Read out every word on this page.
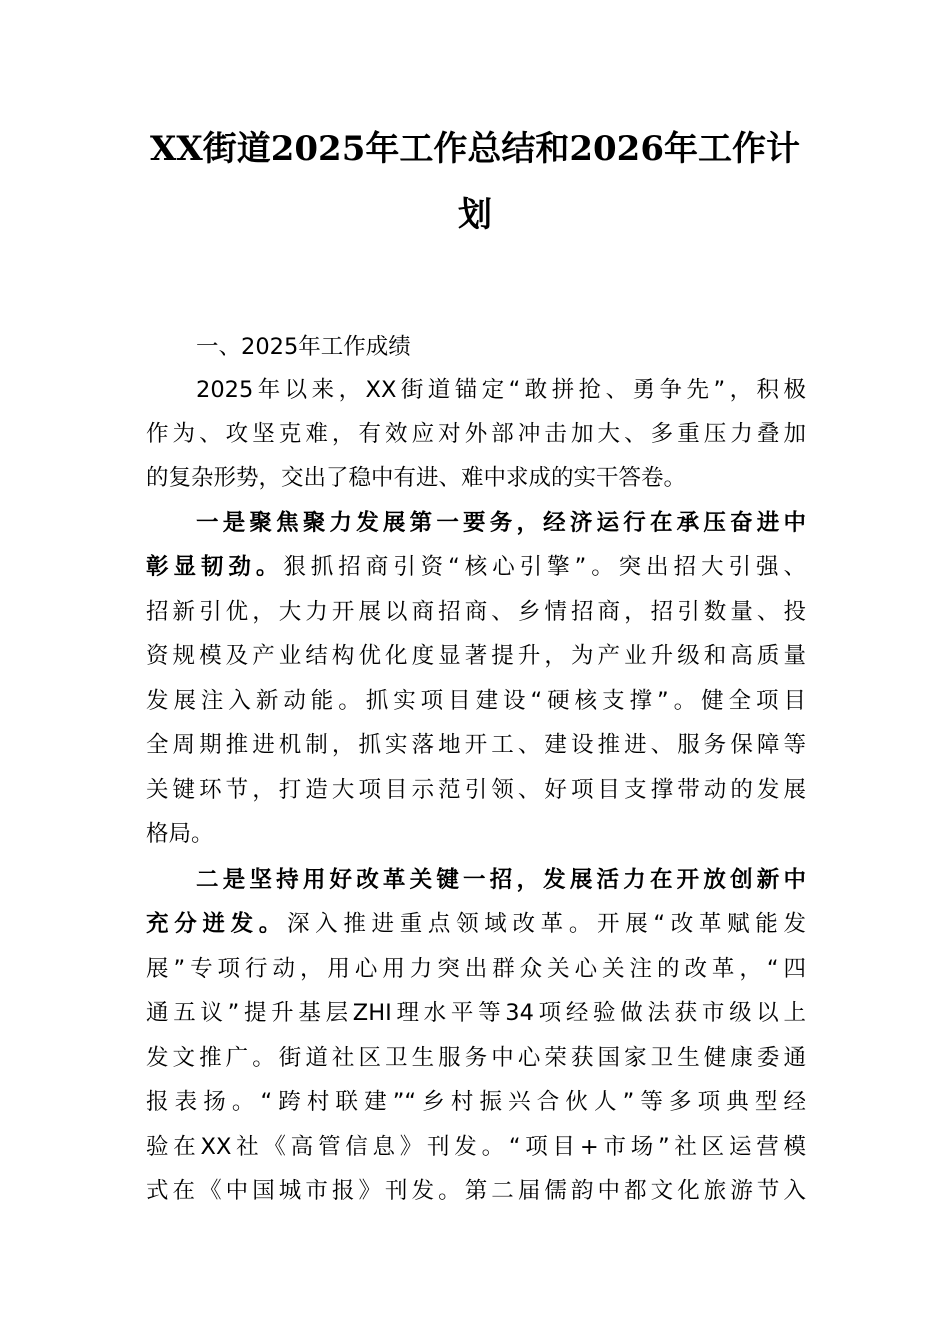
XX街道2025年工作总结和2026年工作计
划
一、2025年工作成绩
2025年以来，XX街道锚定“敢拼抢、勇争先”，积极
作为、攻坚克难，有效应对外部冲击加大、多重压力叠加
的复杂形势，交出了稳中有进、难中求成的实干答卷。
一是聚焦聚力发展第一要务，经济运行在承压奋进中
彰显韧劲。狠抓招商引资“核心引擎”。突出招大引强、
招新引优，大力开展以商招商、乡情招商，招引数量、投
资规模及产业结构优化度显著提升，为产业升级和高质量
发展注入新动能。抓实项目建设“硬核支撑”。健全项目
全周期推进机制，抓实落地开工、建设推进、服务保障等
关键环节，打造大项目示范引领、好项目支撑带动的发展
格局。
二是坚持用好改革关键一招，发展活力在开放创新中
充分迸发。深入推进重点领域改革。开展“改革赋能发
展”专项行动，用心用力突出群众关心关注的改革，“四
通五议”提升基层ZHI理水平等34项经验做法获市级以上
发文推广。街道社区卫生服务中心荣获国家卫生健康委通
报表扬。“跨村联建”“乡村振兴合伙人”等多项典型经
验在XX社《高管信息》刊发。“项目+市场”社区运营模
式在《中国城市报》刊发。第二届儒韵中都文化旅游节入
